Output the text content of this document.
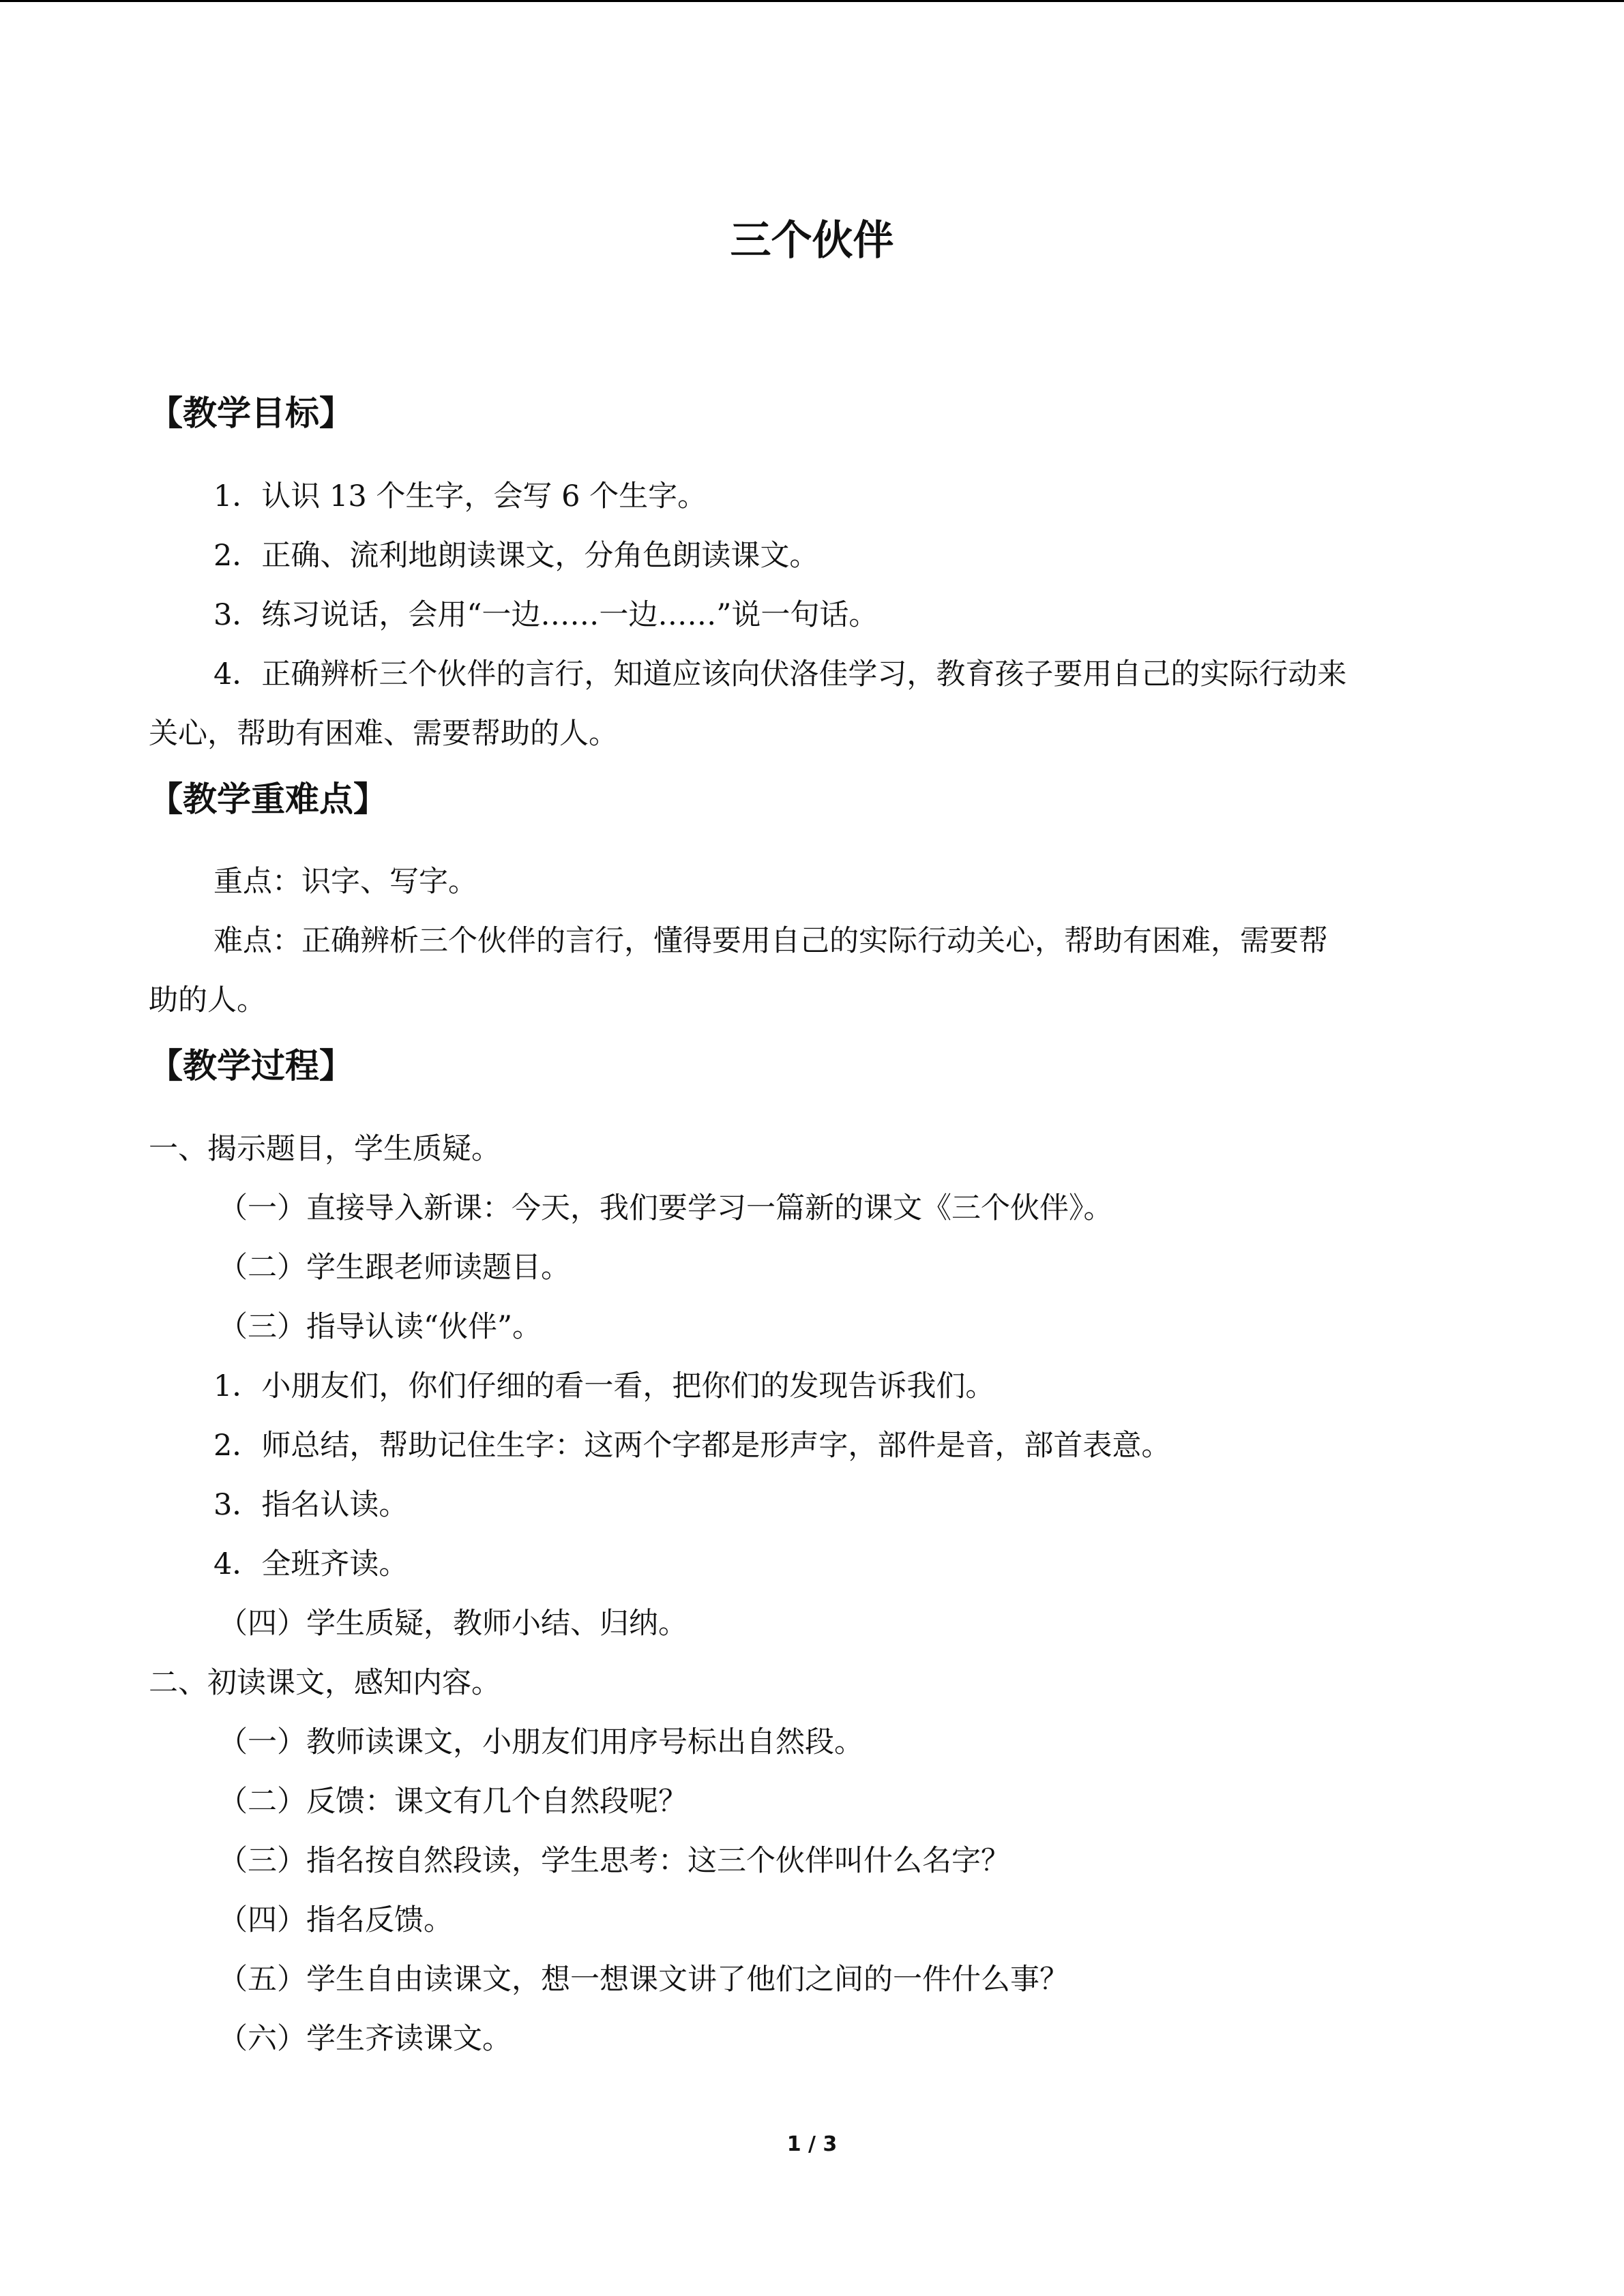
三个伙伴
【教学目标】
1．认识 13 个生字，会写 6 个生字。
2．正确、流利地朗读课文，分角色朗读课文。
3．练习说话，会用“一边……一边……”说一句话。
4．正确辨析三个伙伴的言行，知道应该向伏洛佳学习，教育孩子要用自己的实际行动来
关心，帮助有困难、需要帮助的人。
【教学重难点】
重点：识字、写字。
难点：正确辨析三个伙伴的言行，懂得要用自己的实际行动关心，帮助有困难，需要帮
助的人。
【教学过程】
一、揭示题目，学生质疑。
（一）直接导入新课：今天，我们要学习一篇新的课文《三个伙伴》。
（二）学生跟老师读题目。
（三）指导认读“伙伴”。
1．小朋友们，你们仔细的看一看，把你们的发现告诉我们。
2．师总结，帮助记住生字：这两个字都是形声字，部件是音，部首表意。
3．指名认读。
4．全班齐读。
（四）学生质疑，教师小结、归纳。
二、初读课文，感知内容。
（一）教师读课文，小朋友们用序号标出自然段。
（二）反馈：课文有几个自然段呢？
（三）指名按自然段读，学生思考：这三个伙伴叫什么名字？
（四）指名反馈。
（五）学生自由读课文，想一想课文讲了他们之间的一件什么事？
（六）学生齐读课文。
1 / 3
